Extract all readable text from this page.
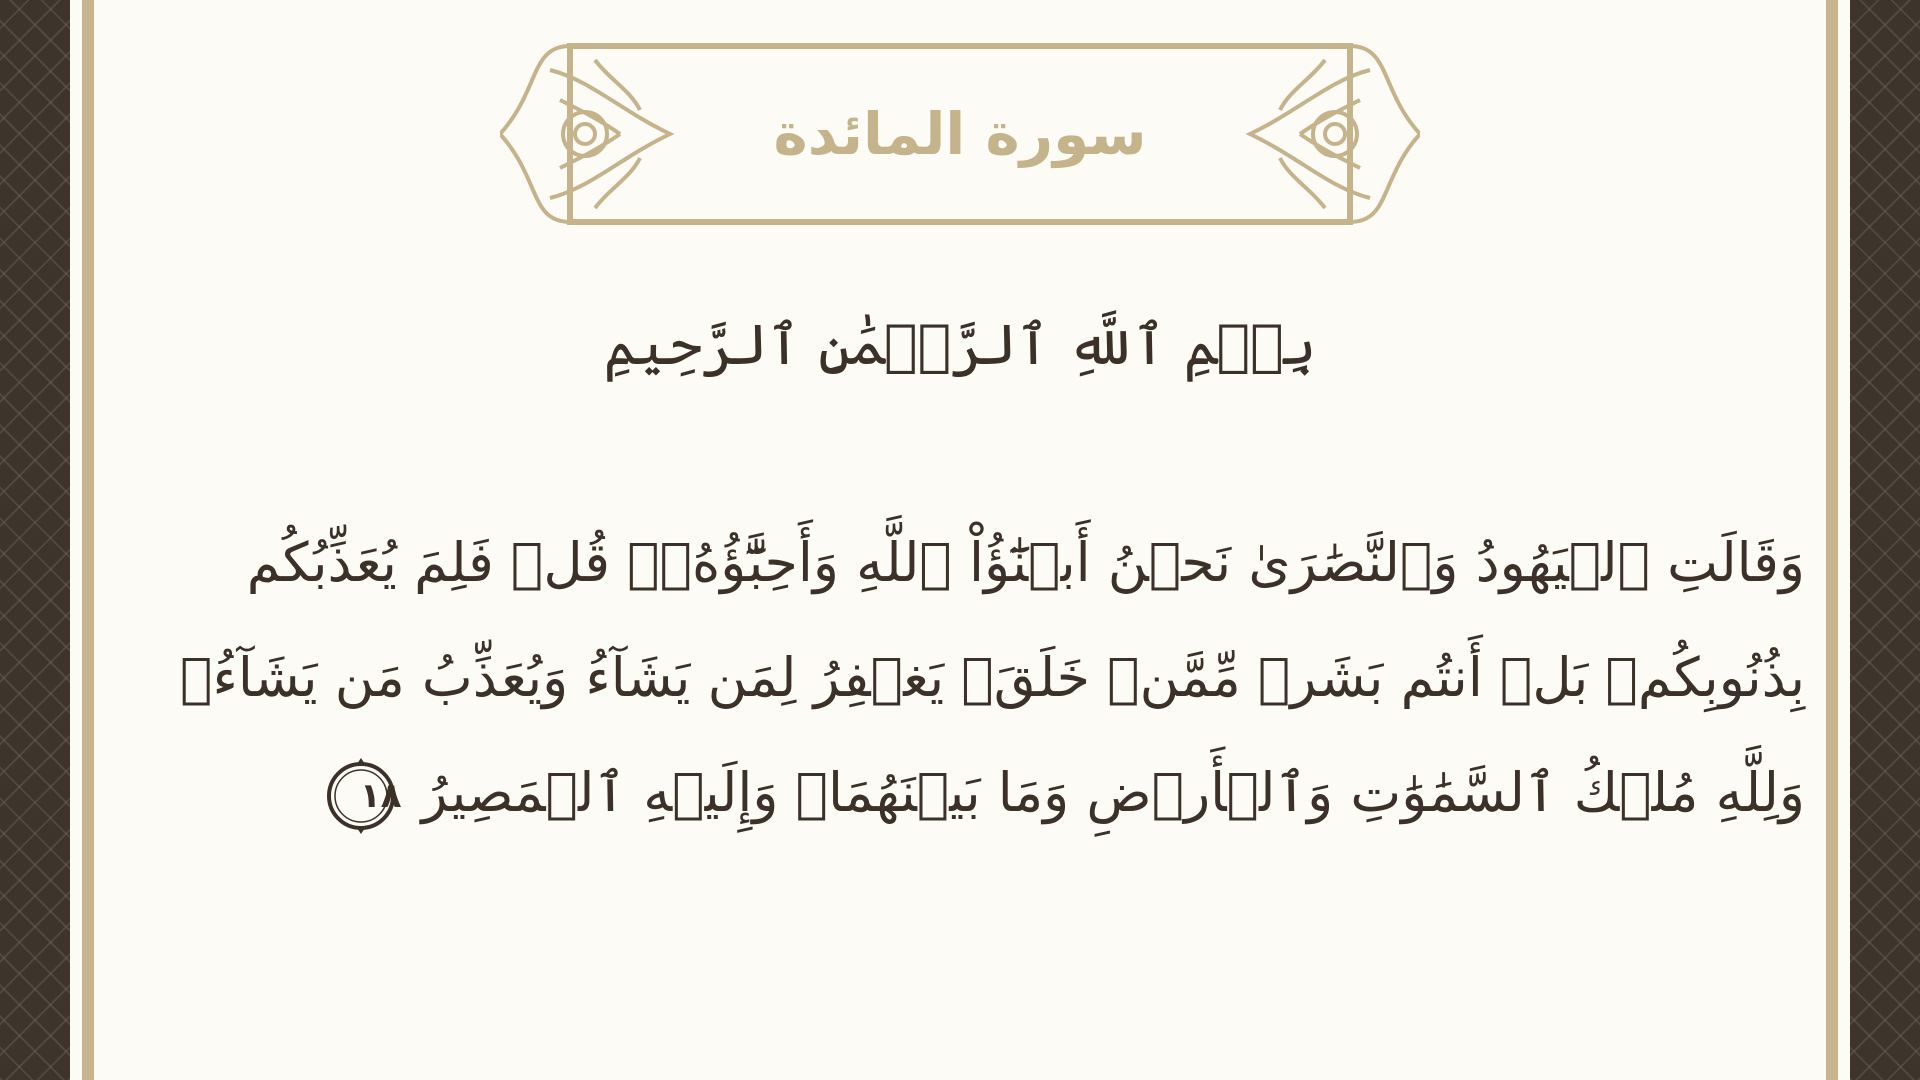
سورة المائدة
بِسۡمِ ٱللَّهِ ٱلرَّحۡمَٰنِ ٱلرَّحِيمِ
وَقَالَتِ ٱلۡيَهُودُ وَٱلنَّصَٰرَىٰ نَحۡنُ أَبۡنَٰٓؤُاْ ٱللَّهِ وَأَحِبَّٰٓؤُهُۥۚ قُلۡ فَلِمَ يُعَذِّبُكُم
بِذُنُوبِكُمۖ بَلۡ أَنتُم بَشَرٞ مِّمَّنۡ خَلَقَۚ يَغۡفِرُ لِمَن يَشَآءُ وَيُعَذِّبُ مَن يَشَآءُۚ
وَلِلَّهِ مُلۡكُ ٱلسَّمَٰوَٰتِ وَٱلۡأَرۡضِ وَمَا بَيۡنَهُمَاۖ وَإِلَيۡهِ ٱلۡمَصِيرُ
١٨
